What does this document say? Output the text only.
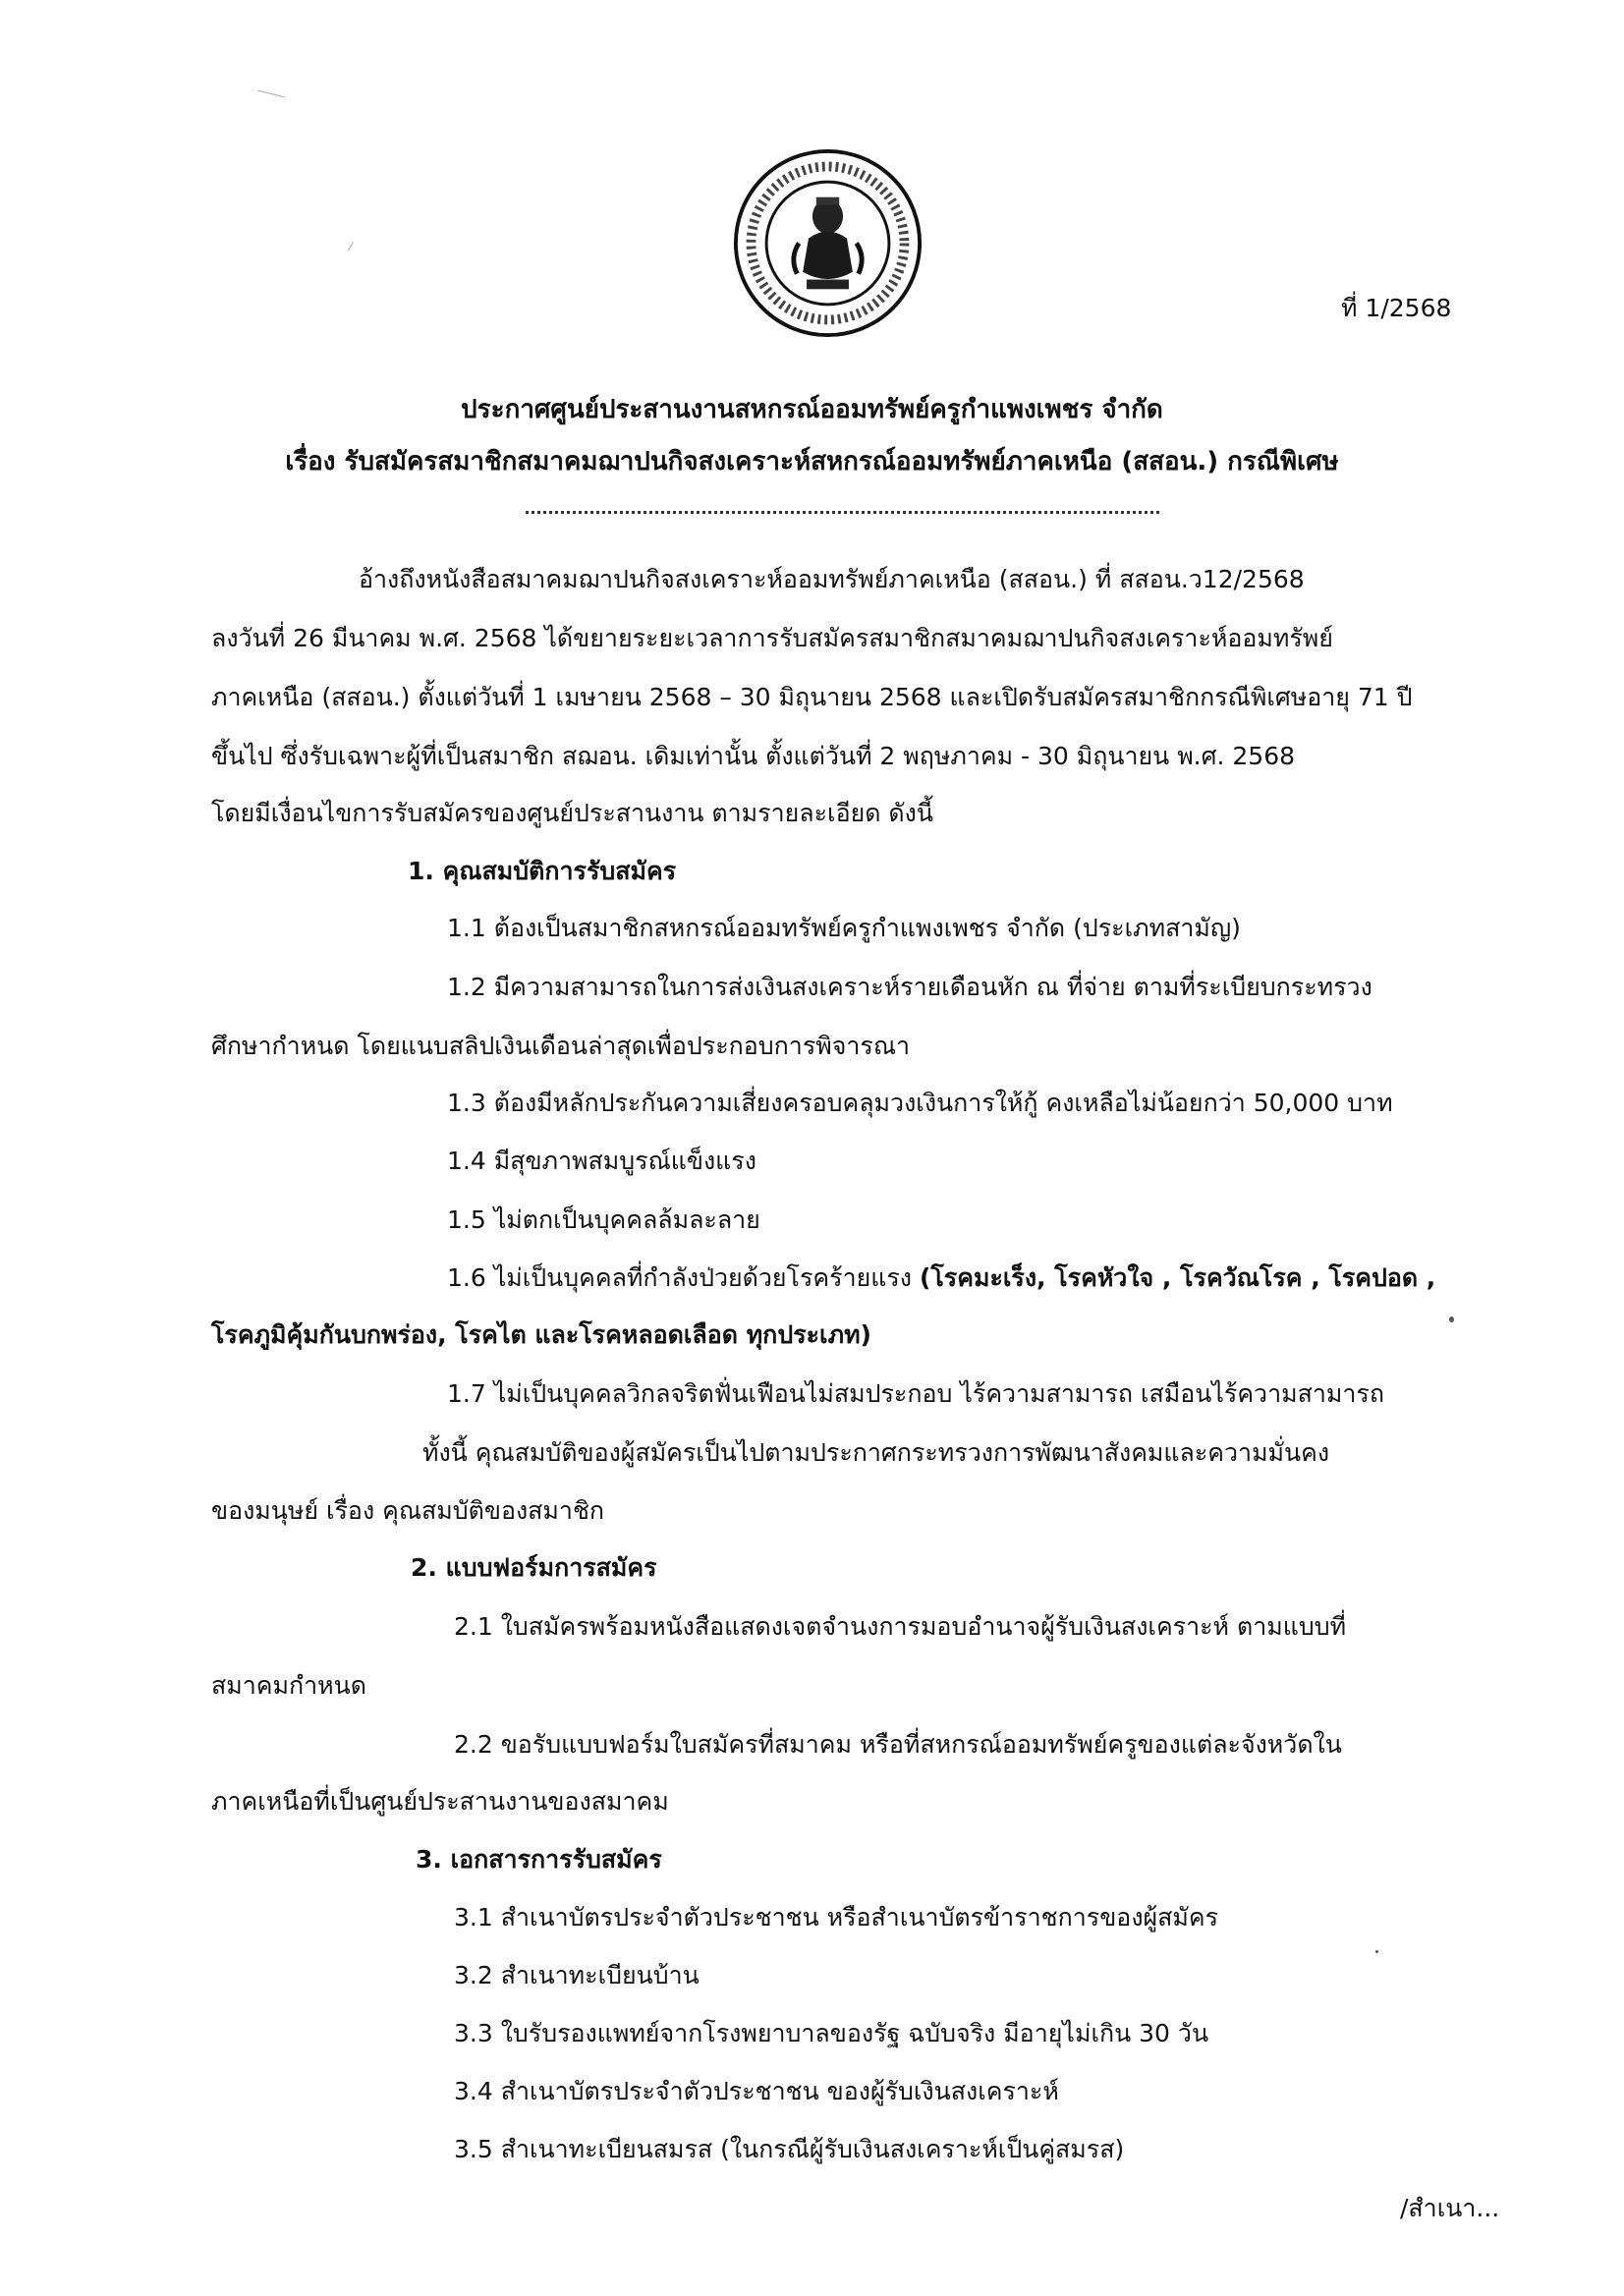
ที่ 1/2568
ประกาศศูนย์ประสานงานสหกรณ์ออมทรัพย์ครูกำแพงเพชร จำกัด
เรื่อง รับสมัครสมาชิกสมาคมฌาปนกิจสงเคราะห์สหกรณ์ออมทรัพย์ภาคเหนือ (สสอน.) กรณีพิเศษ
อ้างถึงหนังสือสมาคมฌาปนกิจสงเคราะห์ออมทรัพย์ภาคเหนือ (สสอน.) ที่ สสอน.ว12/2568
ลงวันที่ 26 มีนาคม พ.ศ. 2568 ได้ขยายระยะเวลาการรับสมัครสมาชิกสมาคมฌาปนกิจสงเคราะห์ออมทรัพย์
ภาคเหนือ (สสอน.) ตั้งแต่วันที่ 1 เมษายน 2568 – 30 มิถุนายน 2568 และเปิดรับสมัครสมาชิกกรณีพิเศษอายุ 71 ปี
ขึ้นไป ซึ่งรับเฉพาะผู้ที่เป็นสมาชิก สฌอน. เดิมเท่านั้น ตั้งแต่วันที่ 2 พฤษภาคม - 30 มิถุนายน พ.ศ. 2568
โดยมีเงื่อนไขการรับสมัครของศูนย์ประสานงาน ตามรายละเอียด ดังนี้
1. คุณสมบัติการรับสมัคร
1.1 ต้องเป็นสมาชิกสหกรณ์ออมทรัพย์ครูกำแพงเพชร จำกัด (ประเภทสามัญ)
1.2 มีความสามารถในการส่งเงินสงเคราะห์รายเดือนหัก ณ ที่จ่าย ตามที่ระเบียบกระทรวง
ศึกษากำหนด โดยแนบสลิปเงินเดือนล่าสุดเพื่อประกอบการพิจารณา
1.3 ต้องมีหลักประกันความเสี่ยงครอบคลุมวงเงินการให้กู้ คงเหลือไม่น้อยกว่า 50,000 บาท
1.4 มีสุขภาพสมบูรณ์แข็งแรง
1.5 ไม่ตกเป็นบุคคลล้มละลาย
1.6 ไม่เป็นบุคคลที่กำลังป่วยด้วยโรคร้ายแรง (โรคมะเร็ง, โรคหัวใจ , โรควัณโรค , โรคปอด ,
โรคภูมิคุ้มกันบกพร่อง, โรคไต และโรคหลอดเลือด ทุกประเภท)
1.7 ไม่เป็นบุคคลวิกลจริตฟั่นเฟือนไม่สมประกอบ ไร้ความสามารถ เสมือนไร้ความสามารถ
ทั้งนี้ คุณสมบัติของผู้สมัครเป็นไปตามประกาศกระทรวงการพัฒนาสังคมและความมั่นคง
ของมนุษย์ เรื่อง คุณสมบัติของสมาชิก
2. แบบฟอร์มการสมัคร
2.1 ใบสมัครพร้อมหนังสือแสดงเจตจำนงการมอบอำนาจผู้รับเงินสงเคราะห์ ตามแบบที่
สมาคมกำหนด
2.2 ขอรับแบบฟอร์มใบสมัครที่สมาคม หรือที่สหกรณ์ออมทรัพย์ครูของแต่ละจังหวัดใน
ภาคเหนือที่เป็นศูนย์ประสานงานของสมาคม
3. เอกสารการรับสมัคร
3.1 สำเนาบัตรประจำตัวประชาชน หรือสำเนาบัตรข้าราชการของผู้สมัคร
3.2 สำเนาทะเบียนบ้าน
3.3 ใบรับรองแพทย์จากโรงพยาบาลของรัฐ ฉบับจริง มีอายุไม่เกิน 30 วัน
3.4 สำเนาบัตรประจำตัวประชาชน ของผู้รับเงินสงเคราะห์
3.5 สำเนาทะเบียนสมรส (ในกรณีผู้รับเงินสงเคราะห์เป็นคู่สมรส)
/สำเนา...
